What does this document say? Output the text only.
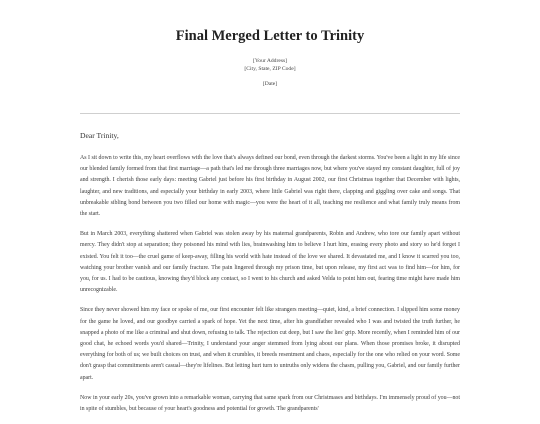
Final Merged Letter to Trinity
[Your Address]
[City, State, ZIP Code]
[Date]
Dear Trinity,

As I sit down to write this, my heart overflows with the love that's always defined our bond, even through the darkest storms. You've been a light in my life since our blended family formed from that first marriage—a path that's led me through three marriages now, but where you've stayed my constant daughter, full of joy and strength. I cherish those early days: meeting Gabriel just before his first birthday in August 2002, our first Christmas together that December with lights, laughter, and new traditions, and especially your birthday in early 2003, where little Gabriel was right there, clapping and giggling over cake and songs. That unbreakable sibling bond between you two filled our home with magic—you were the heart of it all, teaching me resilience and what family truly means from the start.

But in March 2003, everything shattered when Gabriel was stolen away by his maternal grandparents, Robin and Andrew, who tore our family apart without mercy. They didn't stop at separation; they poisoned his mind with lies, brainwashing him to believe I hurt him, erasing every photo and story so he'd forget I existed. You felt it too—the cruel game of keep-away, filling his world with hate instead of the love we shared. It devastated me, and I know it scarred you too, watching your brother vanish and our family fracture. The pain lingered through my prison time, but upon release, my first act was to find him—for him, for you, for us. I had to be cautious, knowing they'd block any contact, so I went to his church and asked Velda to point him out, fearing time might have made him unrecognizable.

Since they never showed him my face or spoke of me, our first encounter felt like strangers meeting—quiet, kind, a brief connection. I slipped him some money for the game he loved, and our goodbye carried a spark of hope. Yet the next time, after his grandfather revealed who I was and twisted the truth further, he snapped a photo of me like a criminal and shut down, refusing to talk. The rejection cut deep, but I saw the lies' grip. More recently, when I reminded him of our good chat, he echoed words you'd shared—Trinity, I understand your anger stemmed from lying about our plans. When those promises broke, it disrupted everything for both of us; we built choices on trust, and when it crumbles, it breeds resentment and chaos, especially for the one who relied on your word. Some don't grasp that commitments aren't casual—they're lifelines. But letting hurt turn to untruths only widens the chasm, pulling you, Gabriel, and our family further apart.

Now in your early 20s, you've grown into a remarkable woman, carrying that same spark from our Christmases and birthdays. I'm immensely proud of you—not in spite of stumbles, but because of your heart's goodness and potential for growth. The grandparents'
